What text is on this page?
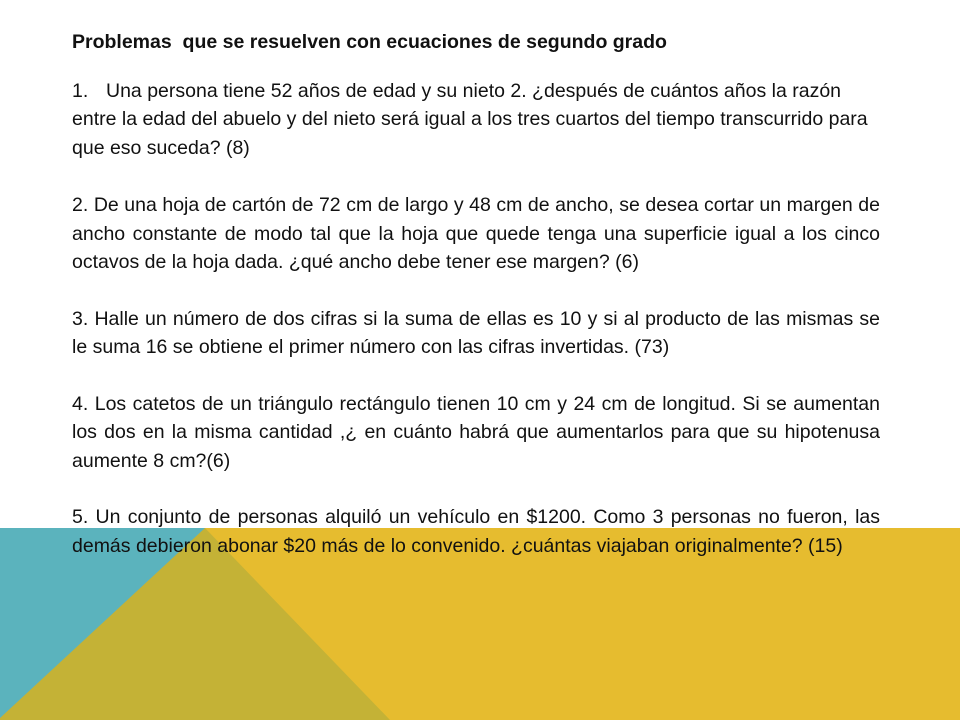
Problemas  que se resuelven con ecuaciones de segundo grado
1. Una persona tiene 52 años de edad y su nieto 2. ¿después de cuántos años la razón entre la edad del abuelo y del nieto será igual a los tres cuartos del tiempo transcurrido para que eso suceda? (8)
2. De una hoja de cartón de 72 cm de largo y 48 cm de ancho, se desea cortar un margen de ancho constante de modo tal que la hoja que quede tenga una superficie igual a los cinco octavos de la hoja dada. ¿qué ancho debe tener ese margen? (6)
3. Halle un número de dos cifras si la suma de ellas es 10 y si al producto de las mismas se le suma 16 se obtiene el primer número con las cifras invertidas. (73)
4. Los catetos de un triángulo rectángulo tienen 10 cm y 24 cm de longitud. Si se aumentan los dos en la misma cantidad ,¿ en cuánto habrá que aumentarlos para que su hipotenusa aumente 8 cm?(6)
5. Un conjunto de personas alquiló un vehículo en $1200. Como 3 personas no fueron, las demás debieron abonar $20 más de lo convenido. ¿cuántas viajaban originalmente? (15)
